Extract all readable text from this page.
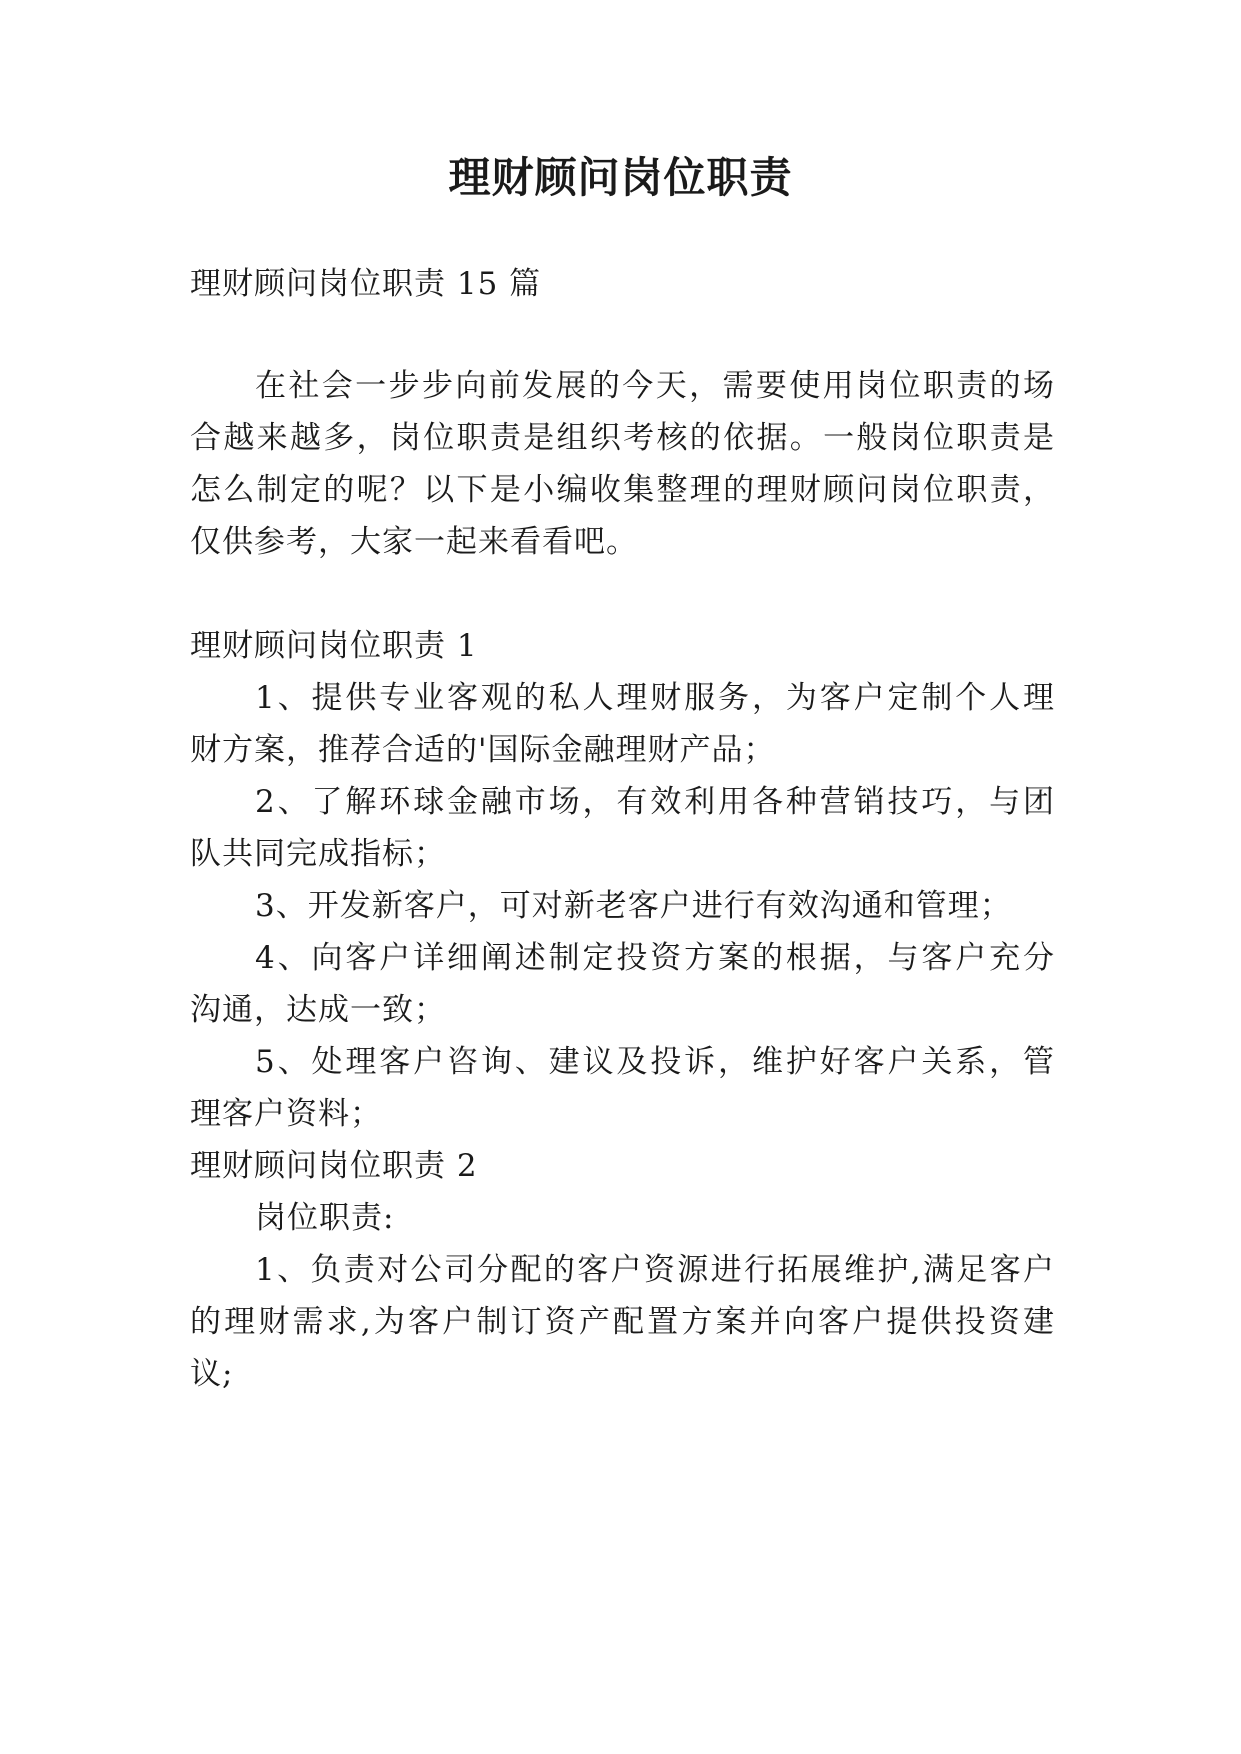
理财顾问岗位职责

理财顾问岗位职责 15 篇

在社会一步步向前发展的今天，需要使用岗位职责的场

合越来越多，岗位职责是组织考核的依据。一般岗位职责是

怎么制定的呢？以下是小编收集整理的理财顾问岗位职责，

仅供参考，大家一起来看看吧。

理财顾问岗位职责 1

1、提供专业客观的私人理财服务，为客户定制个人理

财方案，推荐合适的'国际金融理财产品；

2、了解环球金融市场，有效利用各种营销技巧，与团

队共同完成指标；

3、开发新客户，可对新老客户进行有效沟通和管理；

4、向客户详细阐述制定投资方案的根据，与客户充分

沟通，达成一致；

5、处理客户咨询、建议及投诉，维护好客户关系，管

理客户资料；

理财顾问岗位职责 2

岗位职责:

1、负责对公司分配的客户资源进行拓展维护,满足客户

的理财需求,为客户制订资产配置方案并向客户提供投资建

议;
